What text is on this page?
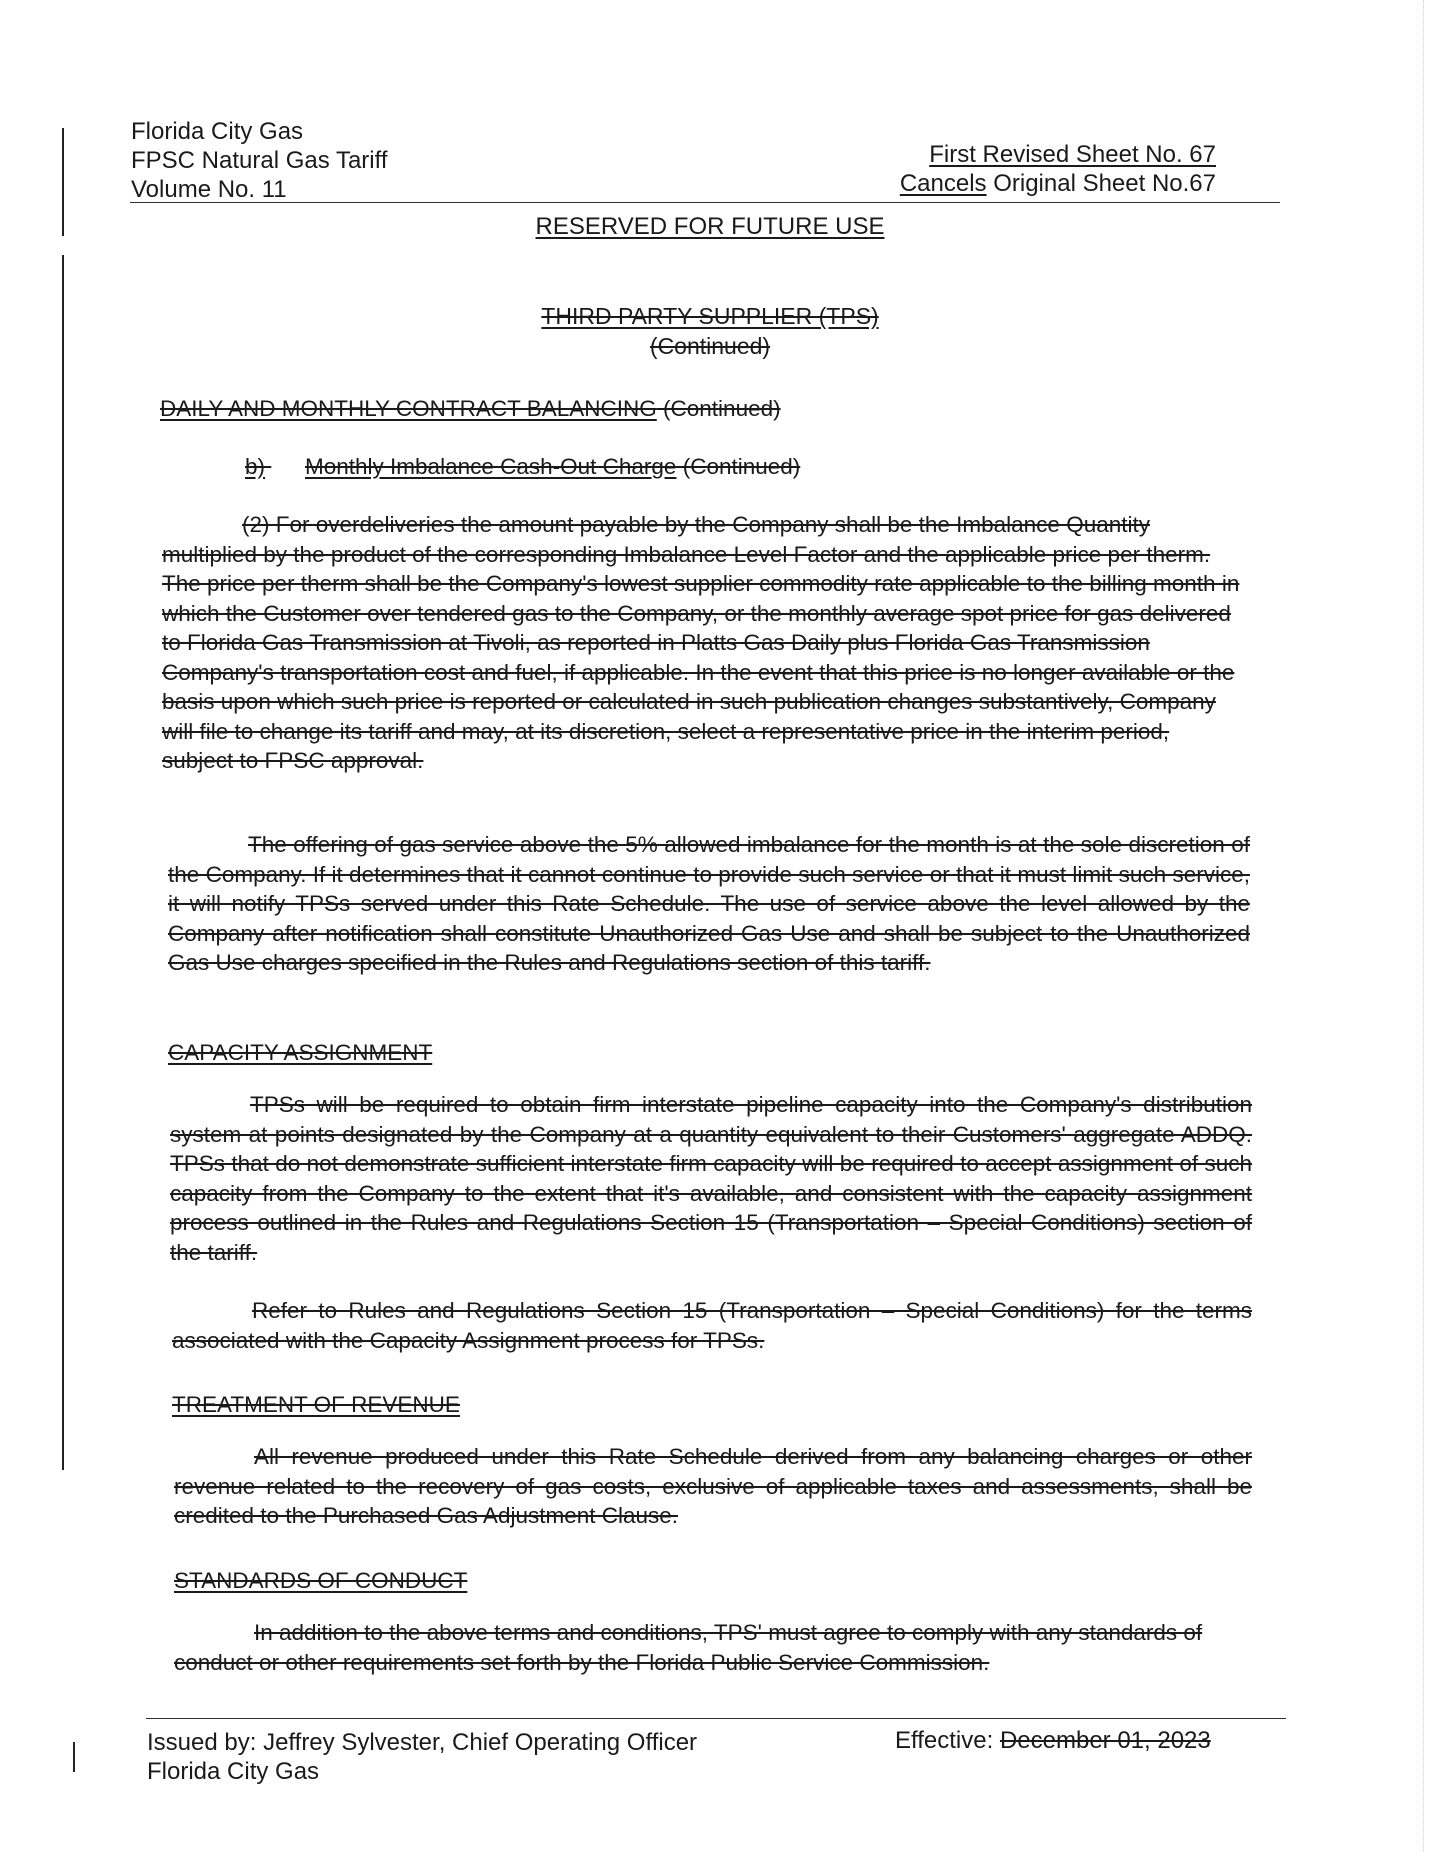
Florida City Gas
FPSC Natural Gas Tariff
Volume No. 11
First Revised Sheet No. 67
Cancels Original Sheet No.67
RESERVED FOR FUTURE USE
THIRD PARTY SUPPLIER (TPS)
(Continued)
DAILY AND MONTHLY CONTRACT BALANCING (Continued)
b) Monthly Imbalance Cash-Out Charge (Continued)

(2) For overdeliveries the amount payable by the Company shall be the Imbalance Quantity multiplied by the product of the corresponding Imbalance Level Factor and the applicable price per therm. The price per therm shall be the Company's lowest supplier commodity rate applicable to the billing month in which the Customer over tendered gas to the Company, or the monthly average spot price for gas delivered to Florida Gas Transmission at Tivoli, as reported in Platts Gas Daily plus Florida Gas Transmission Company's transportation cost and fuel, if applicable. In the event that this price is no longer available or the basis upon which such price is reported or calculated in such publication changes substantively, Company will file to change its tariff and may, at its discretion, select a representative price in the interim period, subject to FPSC approval.

The offering of gas service above the 5% allowed imbalance for the month is at the sole discretion of the Company. If it determines that it cannot continue to provide such service or that it must limit such service, it will notify TPSs served under this Rate Schedule. The use of service above the level allowed by the Company after notification shall constitute Unauthorized Gas Use and shall be subject to the Unauthorized Gas Use charges specified in the Rules and Regulations section of this tariff.

CAPACITY ASSIGNMENT

TPSs will be required to obtain firm interstate pipeline capacity into the Company's distribution system at points designated by the Company at a quantity equivalent to their Customers' aggregate ADDQ. TPSs that do not demonstrate sufficient interstate firm capacity will be required to accept assignment of such capacity from the Company to the extent that it's available, and consistent with the capacity assignment process outlined in the Rules and Regulations Section 15 (Transportation – Special Conditions) section of the tariff.

Refer to Rules and Regulations Section 15 (Transportation – Special Conditions) for the terms associated with the Capacity Assignment process for TPSs.

TREATMENT OF REVENUE

All revenue produced under this Rate Schedule derived from any balancing charges or other revenue related to the recovery of gas costs, exclusive of applicable taxes and assessments, shall be credited to the Purchased Gas Adjustment Clause.

STANDARDS OF CONDUCT

In addition to the above terms and conditions, TPS' must agree to comply with any standards of conduct or other requirements set forth by the Florida Public Service Commission.

Issued by: Jeffrey Sylvester, Chief Operating Officer
Florida City Gas
Effective: December 01, 2023
